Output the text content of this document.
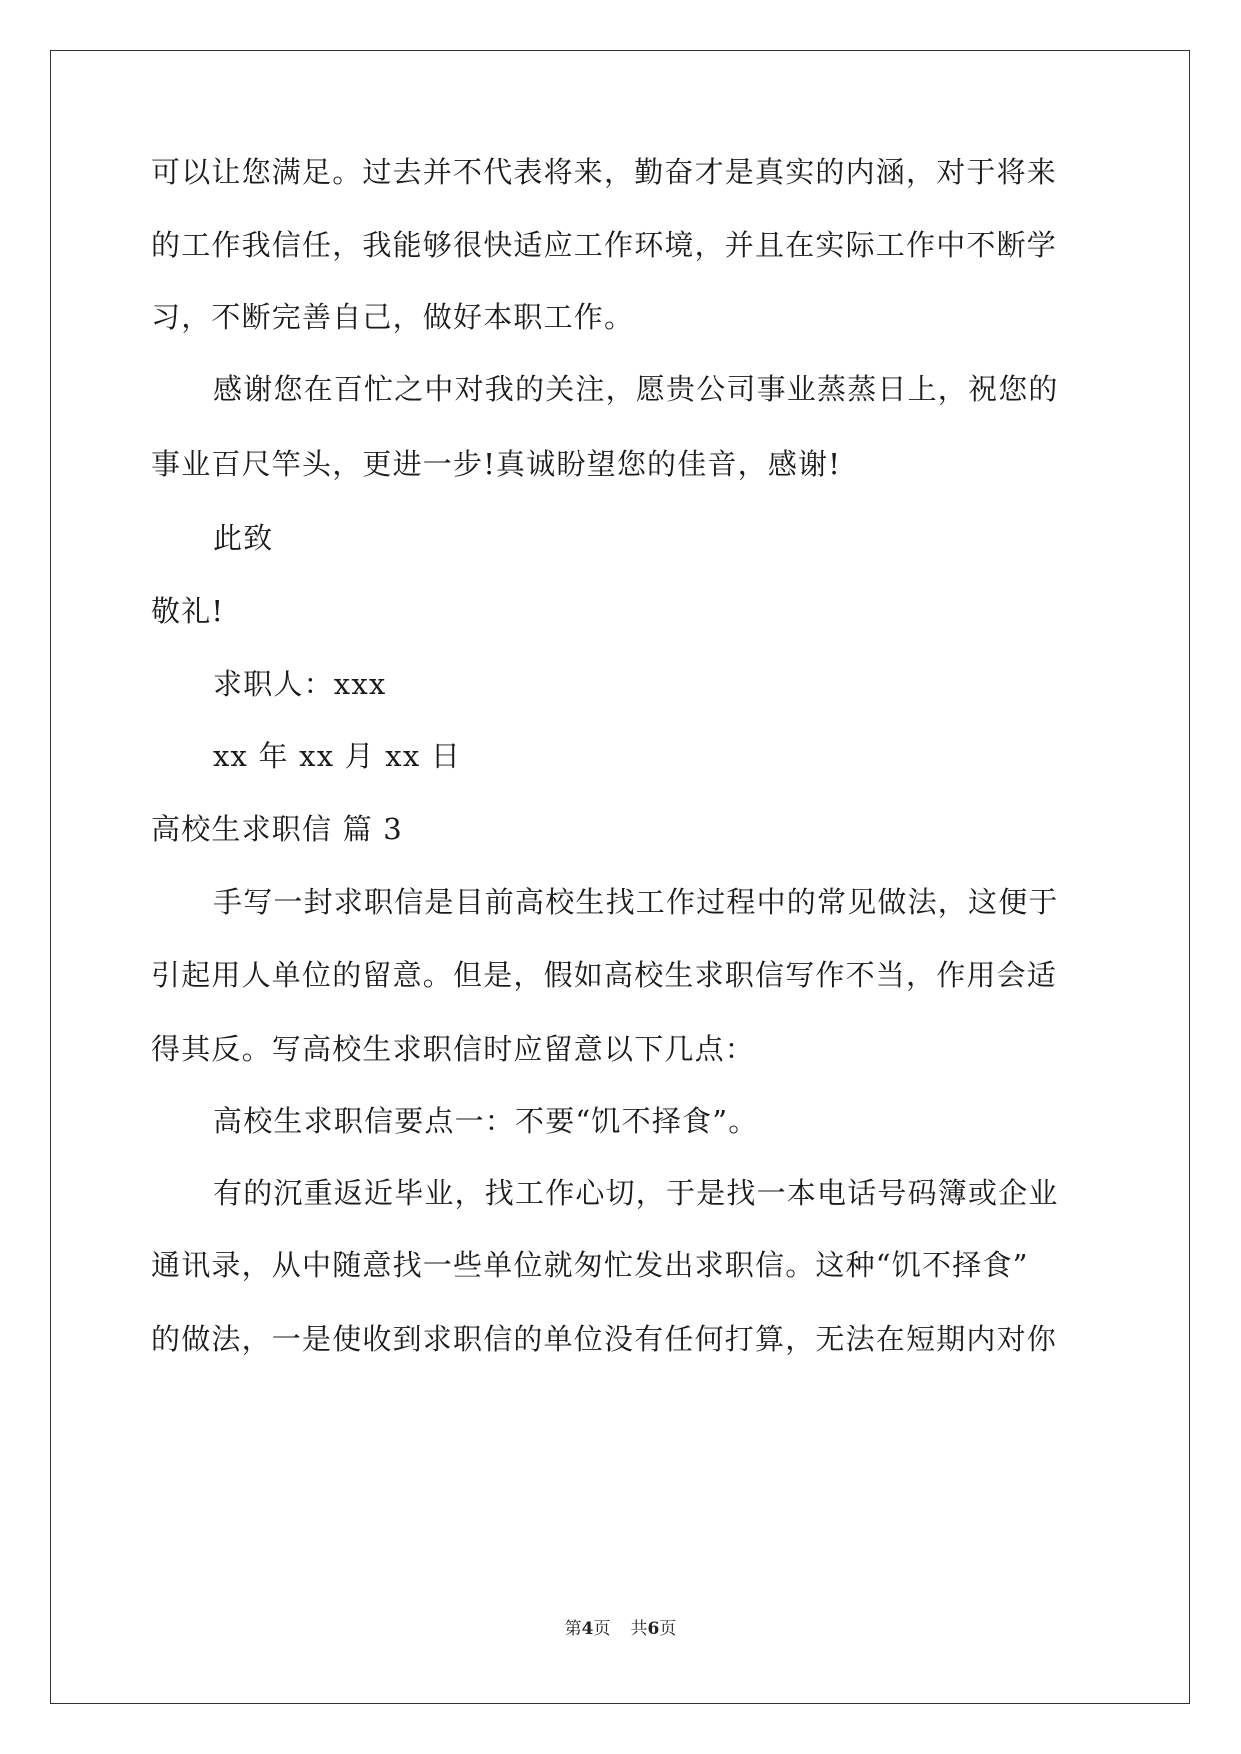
可以让您满足。过去并不代表将来，勤奋才是真实的内涵，对于将来
的工作我信任，我能够很快适应工作环境，并且在实际工作中不断学
习，不断完善自己，做好本职工作。
感谢您在百忙之中对我的关注，愿贵公司事业蒸蒸日上，祝您的
事业百尺竿头，更进一步!真诚盼望您的佳音，感谢!
此致
敬礼!
求职人：xxx
xx 年 xx 月 xx 日
高校生求职信 篇 3
手写一封求职信是目前高校生找工作过程中的常见做法，这便于
引起用人单位的留意。但是，假如高校生求职信写作不当，作用会适
得其反。写高校生求职信时应留意以下几点：
高校生求职信要点一：不要“饥不择食”。
有的沉重返近毕业，找工作心切，于是找一本电话号码簿或企业
通讯录，从中随意找一些单位就匆忙发出求职信。这种“饥不择食”
的做法，一是使收到求职信的单位没有任何打算，无法在短期内对你
第4页 共6页
